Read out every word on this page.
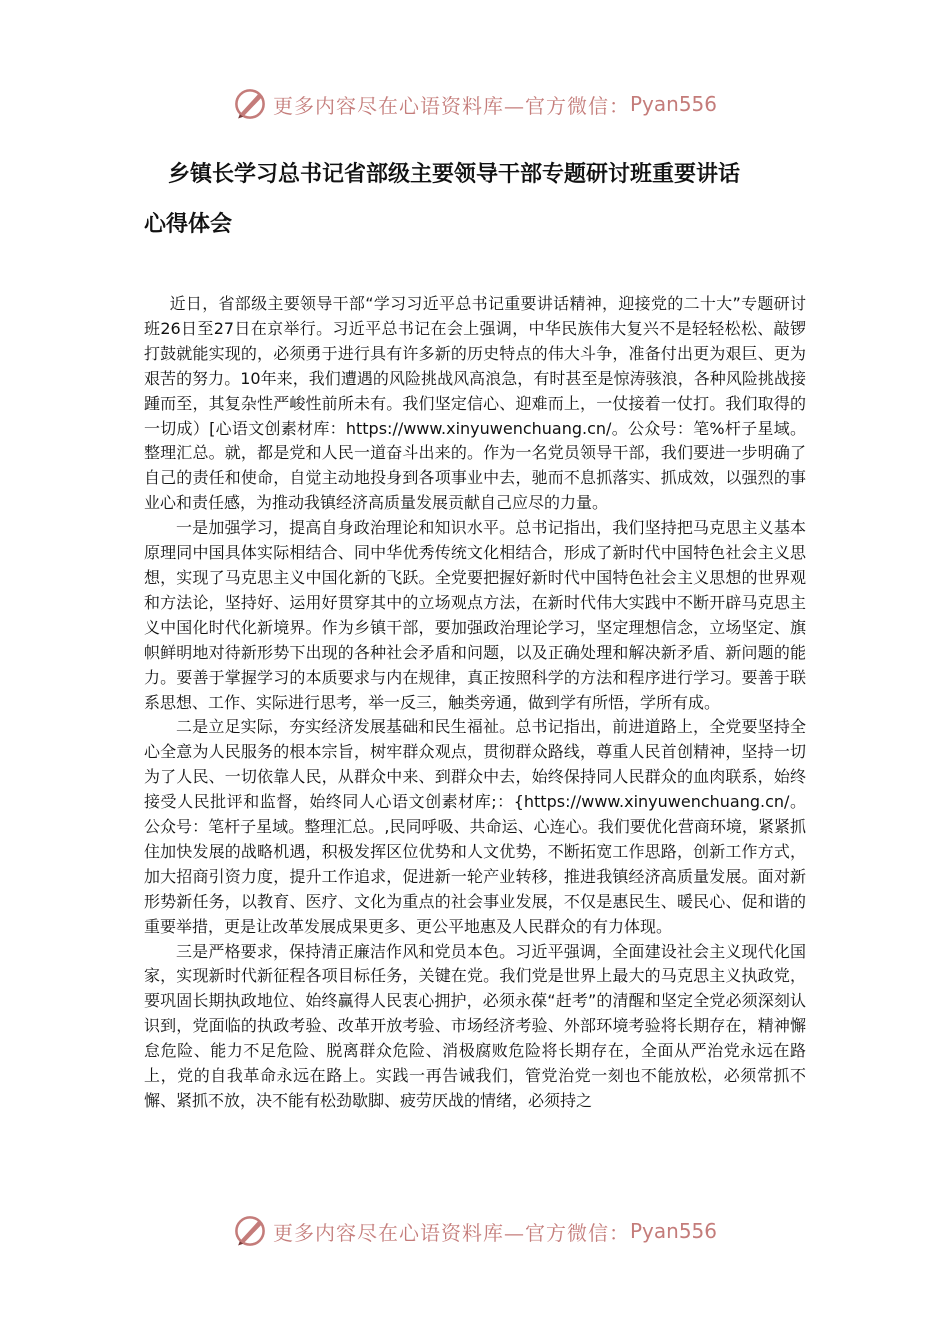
更多内容尽在心语资料库—官方微信： Pyan556
乡镇长学习总书记省部级主要领导干部专题研讨班重要讲话
心得体会

近日，省部级主要领导干部“学习习近平总书记重要讲话精神，迎接党的二十大”专题研讨班26日至27日在京举行。习近平总书记在会上强调，中华民族伟大复兴不是轻轻松松、敲锣打鼓就能实现的，必须勇于进行具有许多新的历史特点的伟大斗争，准备付出更为艰巨、更为艰苦的努力。10年来，我们遭遇的风险挑战风高浪急，有时甚至是惊涛骇浪，各种风险挑战接踵而至，其复杂性严峻性前所未有。我们坚定信心、迎难而上，一仗接着一仗打。我们取得的一切成）[心语文创素材库：https://www.xinyuwenchuang.cn/。公众号：笔%杆子星域。整理汇总。就，都是党和人民一道奋斗出来的。作为一名党员领导干部，我们要进一步明确了自己的责任和使命，自觉主动地投身到各项事业中去，驰而不息抓落实、抓成效，以强烈的事业心和责任感，为推动我镇经济高质量发展贡献自己应尽的力量。

一是加强学习，提高自身政治理论和知识水平。总书记指出，我们坚持把马克思主义基本原理同中国具体实际相结合、同中华优秀传统文化相结合，形成了新时代中国特色社会主义思想，实现了马克思主义中国化新的飞跃。全党要把握好新时代中国特色社会主义思想的世界观和方法论，坚持好、运用好贯穿其中的立场观点方法，在新时代伟大实践中不断开辟马克思主义中国化时代化新境界。作为乡镇干部，要加强政治理论学习，坚定理想信念，立场坚定、旗帜鲜明地对待新形势下出现的各种社会矛盾和问题，以及正确处理和解决新矛盾、新问题的能力。要善于掌握学习的本质要求与内在规律，真正按照科学的方法和程序进行学习。要善于联系思想、工作、实际进行思考，举一反三，触类旁通，做到学有所悟，学所有成。

二是立足实际，夯实经济发展基础和民生福祉。总书记指出，前进道路上，全党要坚持全心全意为人民服务的根本宗旨，树牢群众观点，贯彻群众路线，尊重人民首创精神，坚持一切为了人民、一切依靠人民，从群众中来、到群众中去，始终保持同人民群众的血肉联系，始终接受人民批评和监督，始终同人心语文创素材库;：{https://www.xinyuwenchuang.cn/。公众号：笔杆子星域。整理汇总。,民同呼吸、共命运、心连心。我们要优化营商环境，紧紧抓住加快发展的战略机遇，积极发挥区位优势和人文优势，不断拓宽工作思路，创新工作方式，加大招商引资力度，提升工作追求，促进新一轮产业转移，推进我镇经济高质量发展。面对新形势新任务，以教育、医疗、文化为重点的社会事业发展，不仅是惠民生、暖民心、促和谐的重要举措，更是让改革发展成果更多、更公平地惠及人民群众的有力体现。

三是严格要求，保持清正廉洁作风和党员本色。习近平强调，全面建设社会主义现代化国家，实现新时代新征程各项目标任务，关键在党。我们党是世界上最大的马克思主义执政党，要巩固长期执政地位、始终赢得人民衷心拥护，必须永葆“赶考”的清醒和坚定全党必须深刻认识到，党面临的执政考验、改革开放考验、市场经济考验、外部环境考验将长期存在，精神懈怠危险、能力不足危险、脱离群众危险、消极腐败危险将长期存在，全面从严治党永远在路上，党的自我革命永远在路上。实践一再告诫我们，管党治党一刻也不能放松，必须常抓不懈、紧抓不放，决不能有松劲歇脚、疲劳厌战的情绪，必须持之

更多内容尽在心语资料库—官方微信： Pyan556
